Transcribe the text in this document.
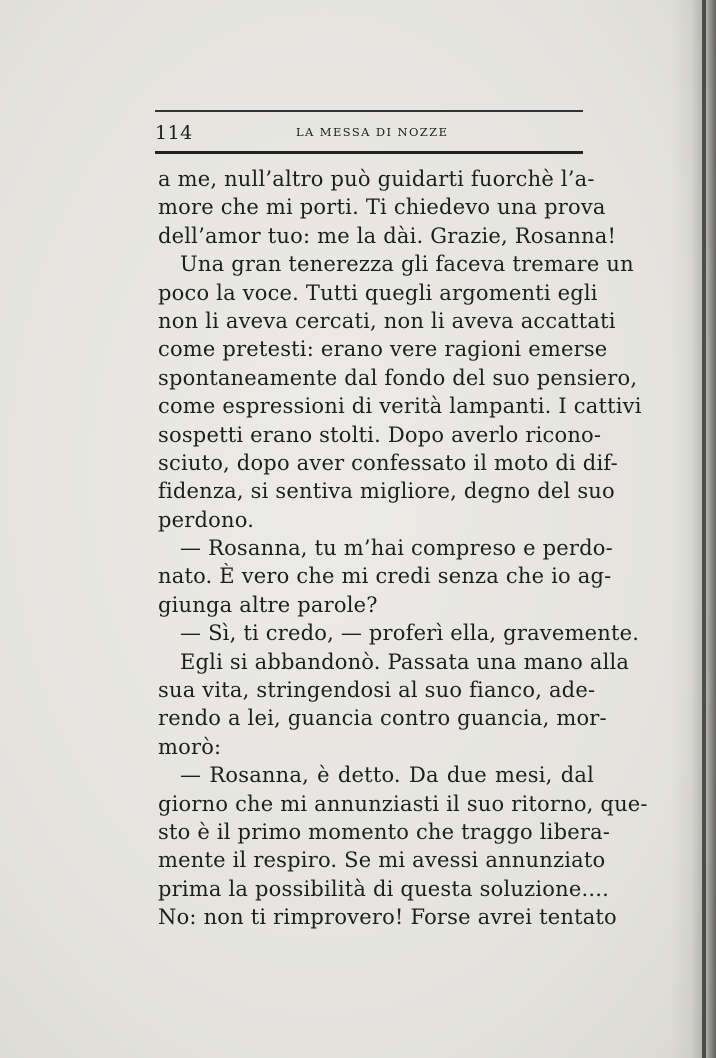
114	LA MESSA DI NOZZE
a me, null’altro può guidarti fuorchè l’a-
more che mi porti. Ti chiedevo una prova
dell’amor tuo: me la dài. Grazie, Rosanna!
Una gran tenerezza gli faceva tremare un
poco la voce. Tutti quegli argomenti egli
non li aveva cercati, non li aveva accattati
come pretesti: erano vere ragioni emerse
spontaneamente dal fondo del suo pensiero,
come espressioni di verità lampanti. I cattivi
sospetti erano stolti. Dopo averlo ricono-
sciuto, dopo aver confessato il moto di dif-
fidenza, si sentiva migliore, degno del suo
perdono.
— Rosanna, tu m’hai compreso e perdo-
nato. È vero che mi credi senza che io ag-
giunga altre parole?
— Sì, ti credo, — proferì ella, gravemente.
Egli si abbandonò. Passata una mano alla
sua vita, stringendosi al suo fianco, ade-
rendo a lei, guancia contro guancia, mor-
morò:
— Rosanna, è detto. Da due mesi, dal
giorno che mi annunziasti il suo ritorno, que-
sto è il primo momento che traggo libera-
mente il respiro. Se mi avessi annunziato
prima la possibilità di questa soluzione....
No: non ti rimprovero! Forse avrei tentato
